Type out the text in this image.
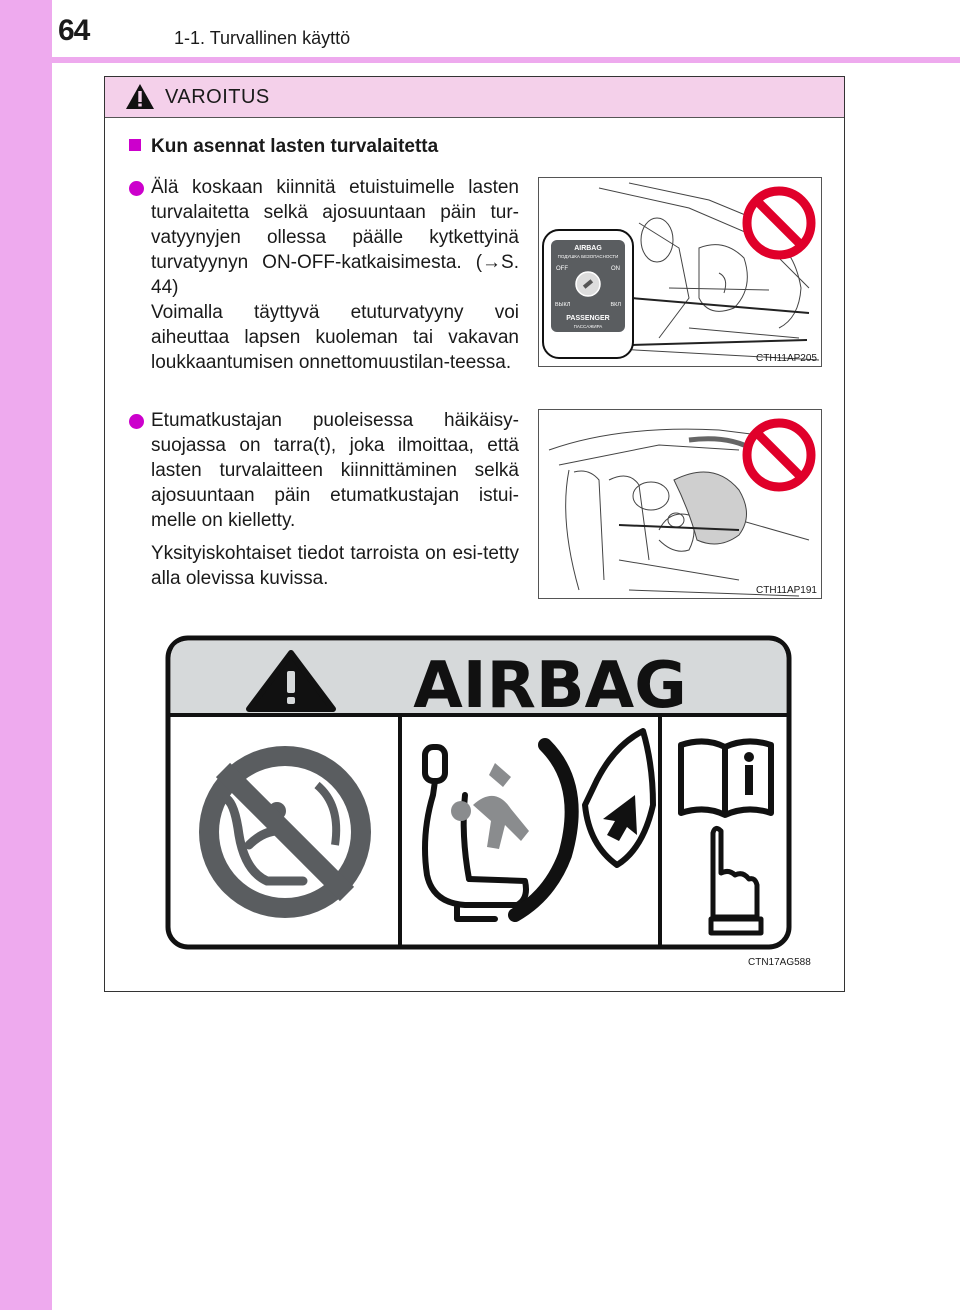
64	1-1. Turvallinen käyttö
VAROITUS
Kun asennat lasten turvalaitetta
Älä koskaan kiinnitä etuistuimelle lasten turvalaitetta selkä ajosuuntaan päin tur-vatyynyjen ollessa päälle kytkettyinä turvatyynyn ON-OFF-katkaisimesta. (→S. 44)
Voimalla täyttyvä etuturvatyyny voi aiheuttaa lapsen kuoleman tai vakavan loukkaantumisen onnettomuustilan-teessa.
AIRBAG
ПОДУШКА БЕЗОПАСНОСТИ
OFF	ON
ВЫКЛ	ВКЛ
PASSENGER
ПАССАЖИРА
CTH11AP205
Etumatkustajan puoleisessa häikäisy-suojassa on tarra(t), joka ilmoittaa, että lasten turvalaitteen kiinnittäminen selkä ajosuuntaan päin etumatkustajan istui-melle on kielletty.
Yksityiskohtaiset tiedot tarroista on esi-tetty alla olevissa kuvissa.
CTH11AP191
AIRBAG
CTN17AG588
